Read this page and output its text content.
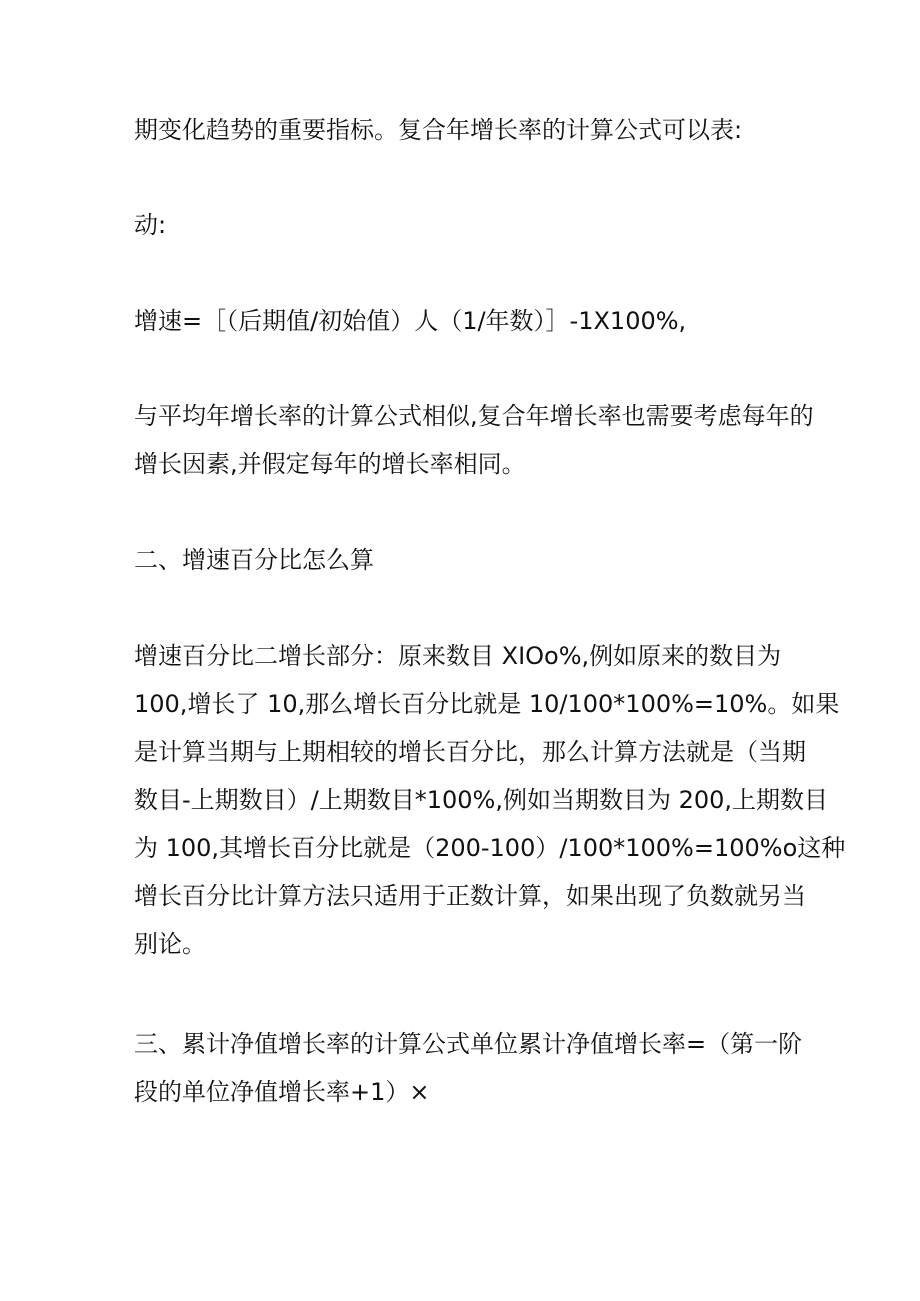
期变化趋势的重要指标。复合年增长率的计算公式可以表:
动:
增速=［（后期值/初始值）人（1/年数）］-1X100%,
与平均年增长率的计算公式相似,复合年增长率也需要考虑每年的
增长因素,并假定每年的增长率相同。
二、增速百分比怎么算
增速百分比二增长部分：原来数目 XIOo%,例如原来的数目为
100,增长了 10,那么增长百分比就是 10/100*100%=10%。如果
是计算当期与上期相较的增长百分比，那么计算方法就是（当期
数目-上期数目）/上期数目*100%,例如当期数目为 200,上期数目
为 100,其增长百分比就是（200-100）∕100*100%=100%o这种
增长百分比计算方法只适用于正数计算，如果出现了负数就另当
别论。
三、累计净值增长率的计算公式单位累计净值增长率=（第一阶
段的单位净值增长率+1）×
